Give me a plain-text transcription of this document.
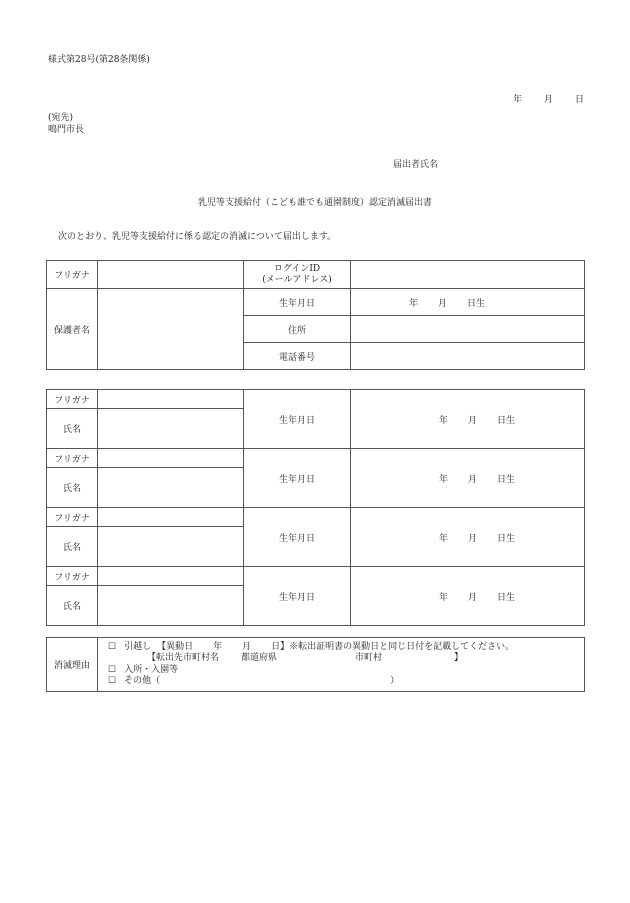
様式第28号(第28条関係)
年 月 日
(宛先)
鳴門市長
届出者氏名
乳児等支援給付（こども誰でも通園制度）認定消滅届出書
次のとおり、乳児等支援給付に係る認定の消滅について届出します。
フリガナ		ログインID
(メールアドレス)	

保護者名		生年月日	年 月 日生
		住所	
		電話番号	
フリガナ		生年月日	年 月 日生
氏名			
フリガナ		生年月日	年 月 日生
氏名			
フリガナ		生年月日	年 月 日生
氏名			
フリガナ		生年月日	年 月 日生
氏名			
消滅理由	
☐ 引越し 【異動日 年 月 日】※転出証明書の異動日と同じ日付を記載してください。
【転出先市町村名 都道府県	市町村	】
☐ 入所・入園等
☐ その他（	）
